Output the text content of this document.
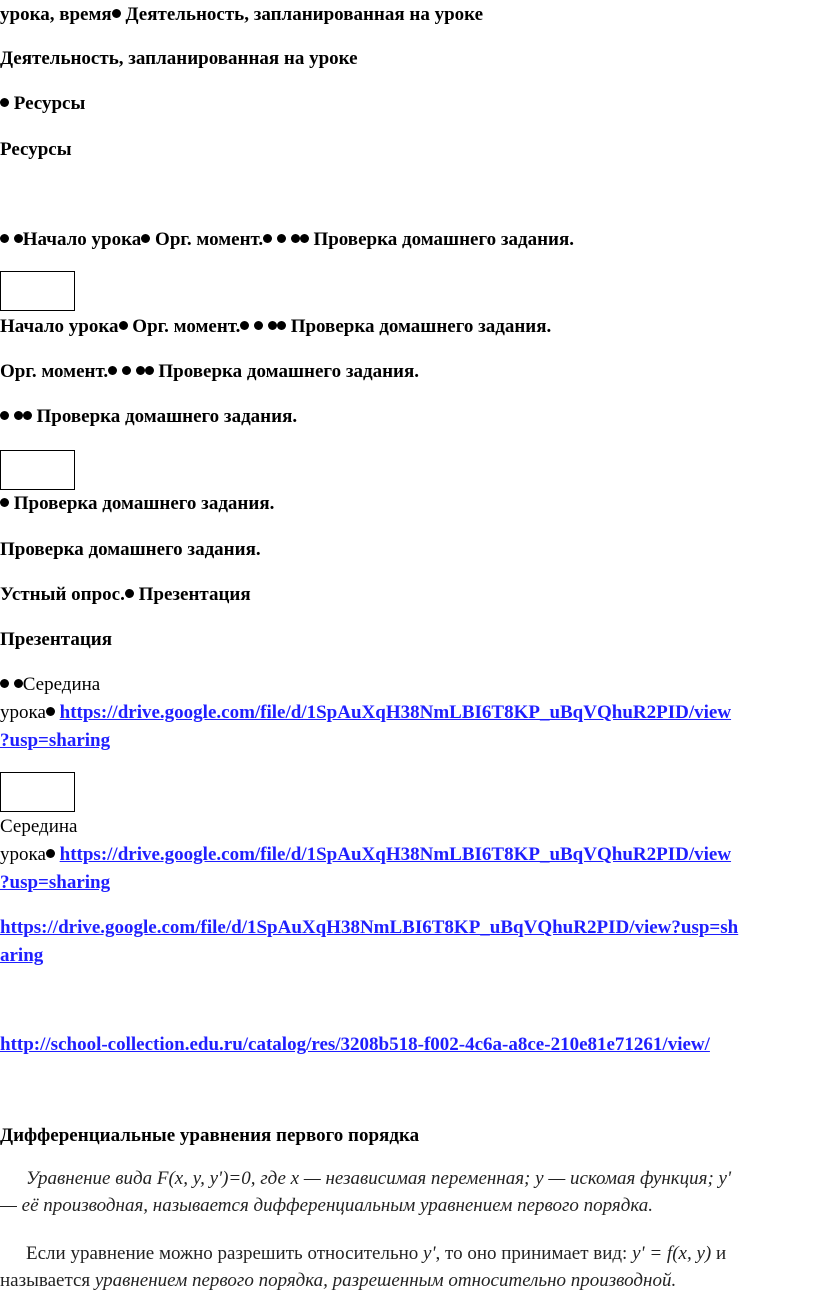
урока, время Деятельность, запланированная на уроке
Деятельность, запланированная на уроке
Ресурсы
Ресурсы
Начало урока Орг. момент.   Проверка домашнего задания.
Начало урока Орг. момент.   Проверка домашнего задания.
Орг. момент.   Проверка домашнего задания.
Проверка домашнего задания.
Проверка домашнего задания.
Проверка домашнего задания.
Устный опрос. Презентация
Презентация
Середина
урока https://drive.google.com/file/d/1SpAuXqH38NmLBI6T8KP_uBqVQhuR2PID/view
?usp=sharing
Середина
урока https://drive.google.com/file/d/1SpAuXqH38NmLBI6T8KP_uBqVQhuR2PID/view
?usp=sharing
https://drive.google.com/file/d/1SpAuXqH38NmLBI6T8KP_uBqVQhuR2PID/view?usp=sh
aring
http://school-collection.edu.ru/catalog/res/3208b518-f002-4c6a-a8ce-210e81e71261/view/
Дифференциальные уравнения первого порядка
Уравнение вида F(x, y, y')=0, где x — независимая переменная; y — искомая функция; y'
— её производная, называется дифференциальным уравнением первого порядка.
Если уравнение можно разрешить относительно y', то оно принимает вид: y' = f(x, y) и
называется уравнением первого порядка, разрешенным относительно производной.
